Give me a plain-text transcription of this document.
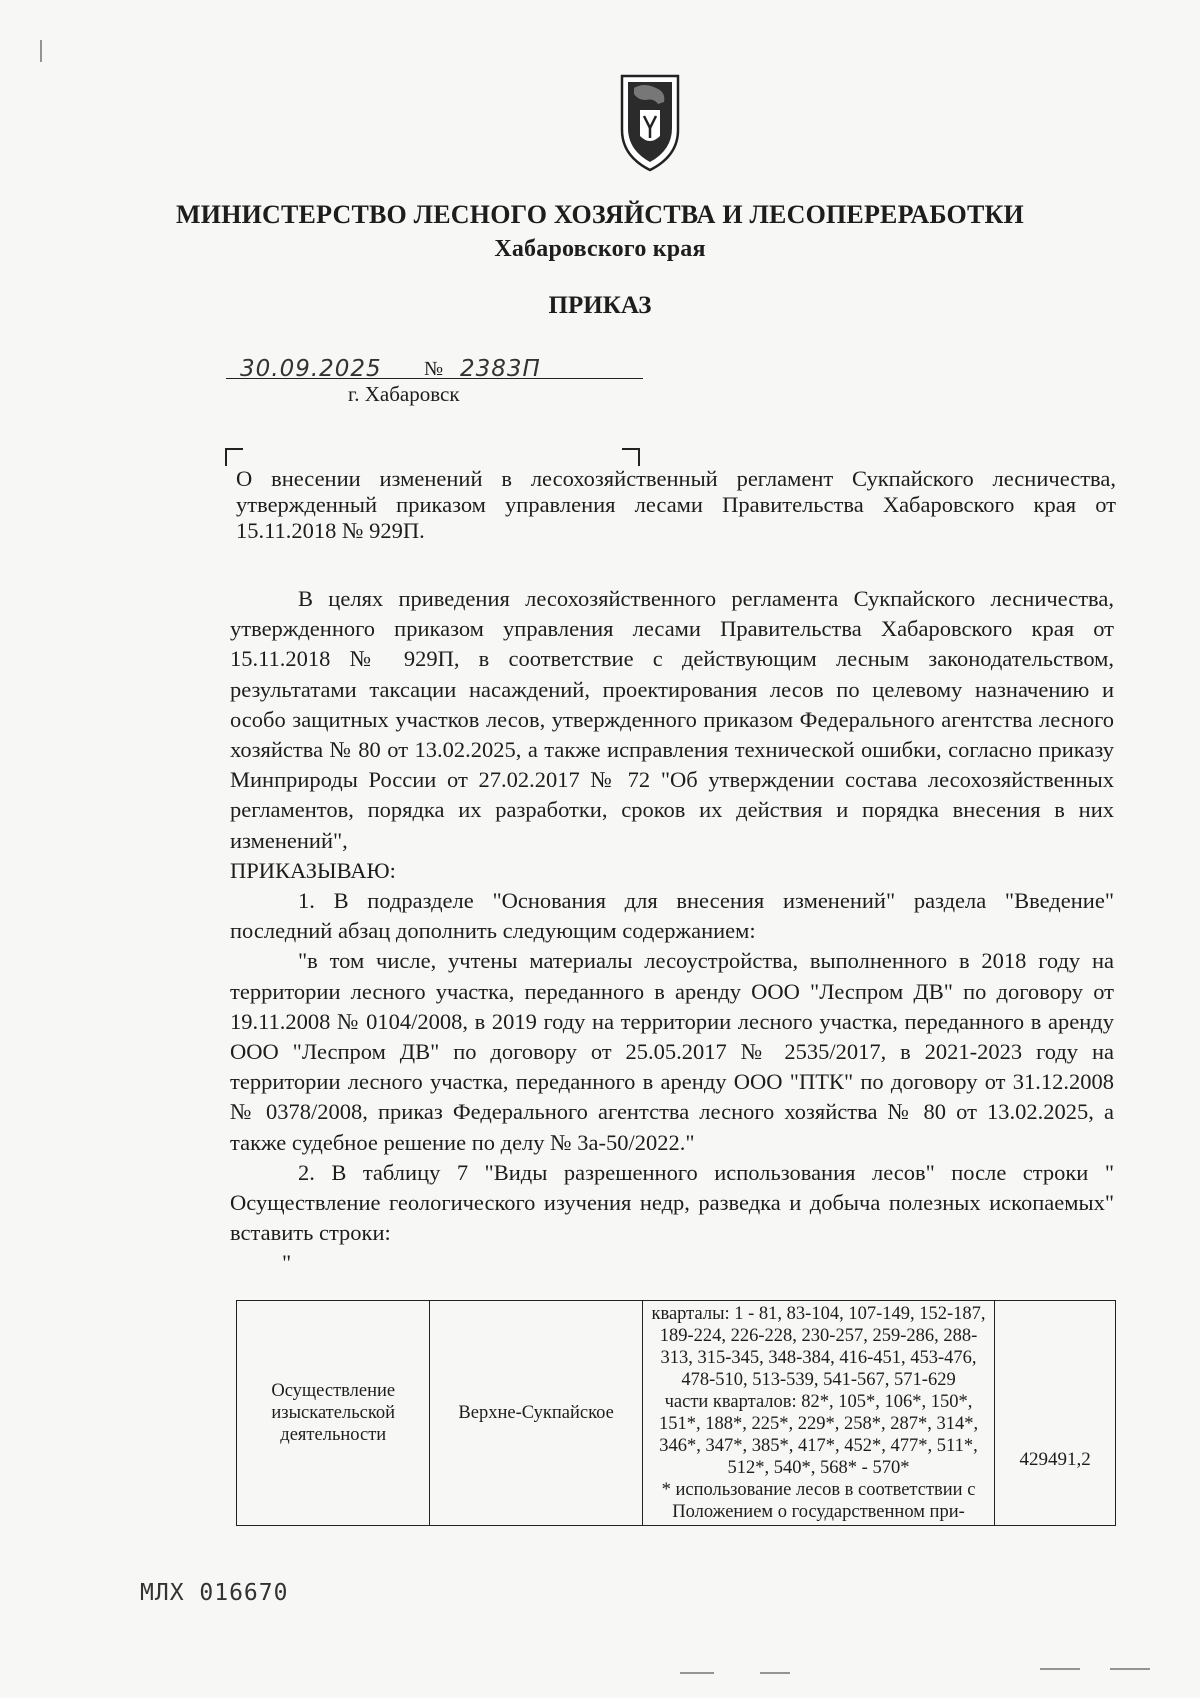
МИНИСТЕРСТВО ЛЕСНОГО ХОЗЯЙСТВА И ЛЕСОПЕРЕРАБОТКИ
Хабаровского края
ПРИКАЗ
30.09.2025 № 2383П
г. Хабаровск
О внесении изменений в лесохозяйственный регламент Сукпайского лесничества, утвержденный приказом управления лесами Правительства Хабаровского края от 15.11.2018 № 929П.

В целях приведения лесохозяйственного регламента Сукпайского лесничества, утвержденного приказом управления лесами Правительства Хабаровского края от 15.11.2018 № 929П, в соответствие с действующим лесным законодательством, результатами таксации насаждений, проектирования лесов по целевому назначению и особо защитных участков лесов, утвержденного приказом Федерального агентства лесного хозяйства № 80 от 13.02.2025, а также исправления технической ошибки, согласно приказу Минприроды России от 27.02.2017 № 72 "Об утверждении состава лесохозяйственных регламентов, порядка их разработки, сроков их действия и порядка внесения в них изменений",

ПРИКАЗЫВАЮ:

1. В подразделе "Основания для внесения изменений" раздела "Введение" последний абзац дополнить следующим содержанием:

"в том числе, учтены материалы лесоустройства, выполненного в 2018 году на территории лесного участка, переданного в аренду ООО "Леспром ДВ" по договору от 19.11.2008 № 0104/2008, в 2019 году на территории лесного участка, переданного в аренду ООО "Леспром ДВ" по договору от 25.05.2017 № 2535/2017, в 2021-2023 году на территории лесного участка, переданного в аренду ООО "ПТК" по договору от 31.12.2008 № 0378/2008, приказ Федерального агентства лесного хозяйства № 80 от 13.02.2025, а также судебное решение по делу № 3а-50/2022."

2. В таблицу 7 "Виды разрешенного использования лесов" после строки " Осуществление геологического изучения недр, разведка и добыча полезных ископаемых" вставить строки:

"
Осуществление изыскательской деятельности	Верхне-Сукпайское	
кварталы: 1 - 81, 83-104, 107-149, 152-187, 189-224, 226-228, 230-257, 259-286, 288-313, 315-345, 348-384, 416-451, 453-476, 478-510, 513-539, 541-567, 571-629
части кварталов: 82*, 105*, 106*, 150*, 151*, 188*, 225*, 229*, 258*, 287*, 314*, 346*, 347*, 385*, 417*, 452*, 477*, 511*, 512*, 540*, 568* - 570*
* использование лесов в соответствии с Положением о государственном при-
	429491,2
МЛХ 016670
